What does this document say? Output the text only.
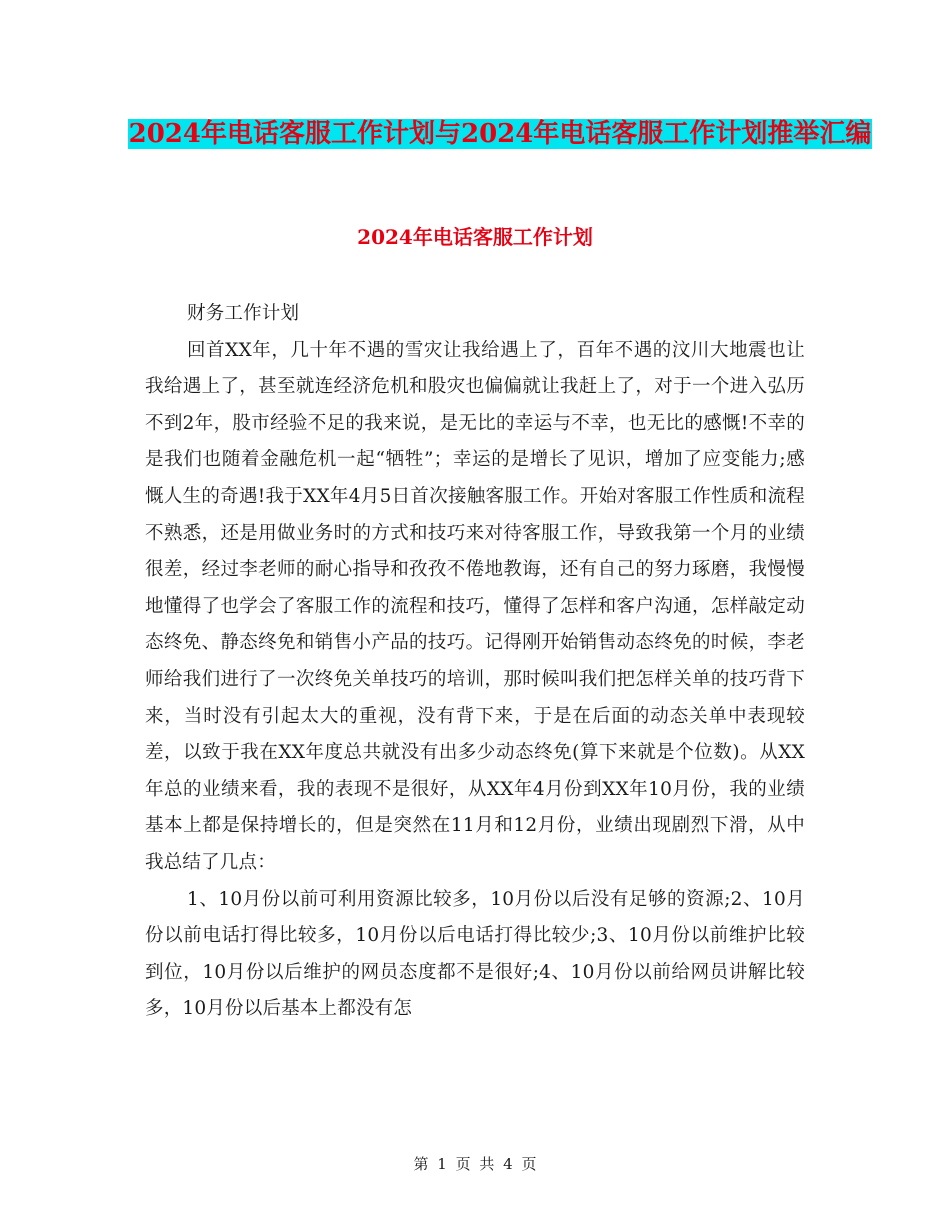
2024年电话客服工作计划与2024年电话客服工作计划推举汇编
2024年电话客服工作计划

财务工作计划

回首XX年，几十年不遇的雪灾让我给遇上了，百年不遇的汶川大地震也让我给遇上了，甚至就连经济危机和股灾也偏偏就让我赶上了，对于一个进入弘历不到2年，股市经验不足的我来说，是无比的幸运与不幸，也无比的感慨!不幸的是我们也随着金融危机一起“牺牲”；幸运的是增长了见识，增加了应变能力;感慨人生的奇遇!我于XX年4月5日首次接触客服工作。开始对客服工作性质和流程不熟悉，还是用做业务时的方式和技巧来对待客服工作，导致我第一个月的业绩很差，经过李老师的耐心指导和孜孜不倦地教诲，还有自己的努力琢磨，我慢慢地懂得了也学会了客服工作的流程和技巧，懂得了怎样和客户沟通，怎样敲定动态终免、静态终免和销售小产品的技巧。记得刚开始销售动态终免的时候，李老师给我们进行了一次终免关单技巧的培训，那时候叫我们把怎样关单的技巧背下来，当时没有引起太大的重视，没有背下来，于是在后面的动态关单中表现较差，以致于我在XX年度总共就没有出多少动态终免(算下来就是个位数)。从XX年总的业绩来看，我的表现不是很好，从XX年4月份到XX年10月份，我的业绩基本上都是保持增长的，但是突然在11月和12月份，业绩出现剧烈下滑，从中我总结了几点：

1、10月份以前可利用资源比较多，10月份以后没有足够的资源;2、10月份以前电话打得比较多，10月份以后电话打得比较少;3、10月份以前维护比较到位，10月份以后维护的网员态度都不是很好;4、10月份以前给网员讲解比较多，10月份以后基本上都没有怎

第 1 页 共 4 页
